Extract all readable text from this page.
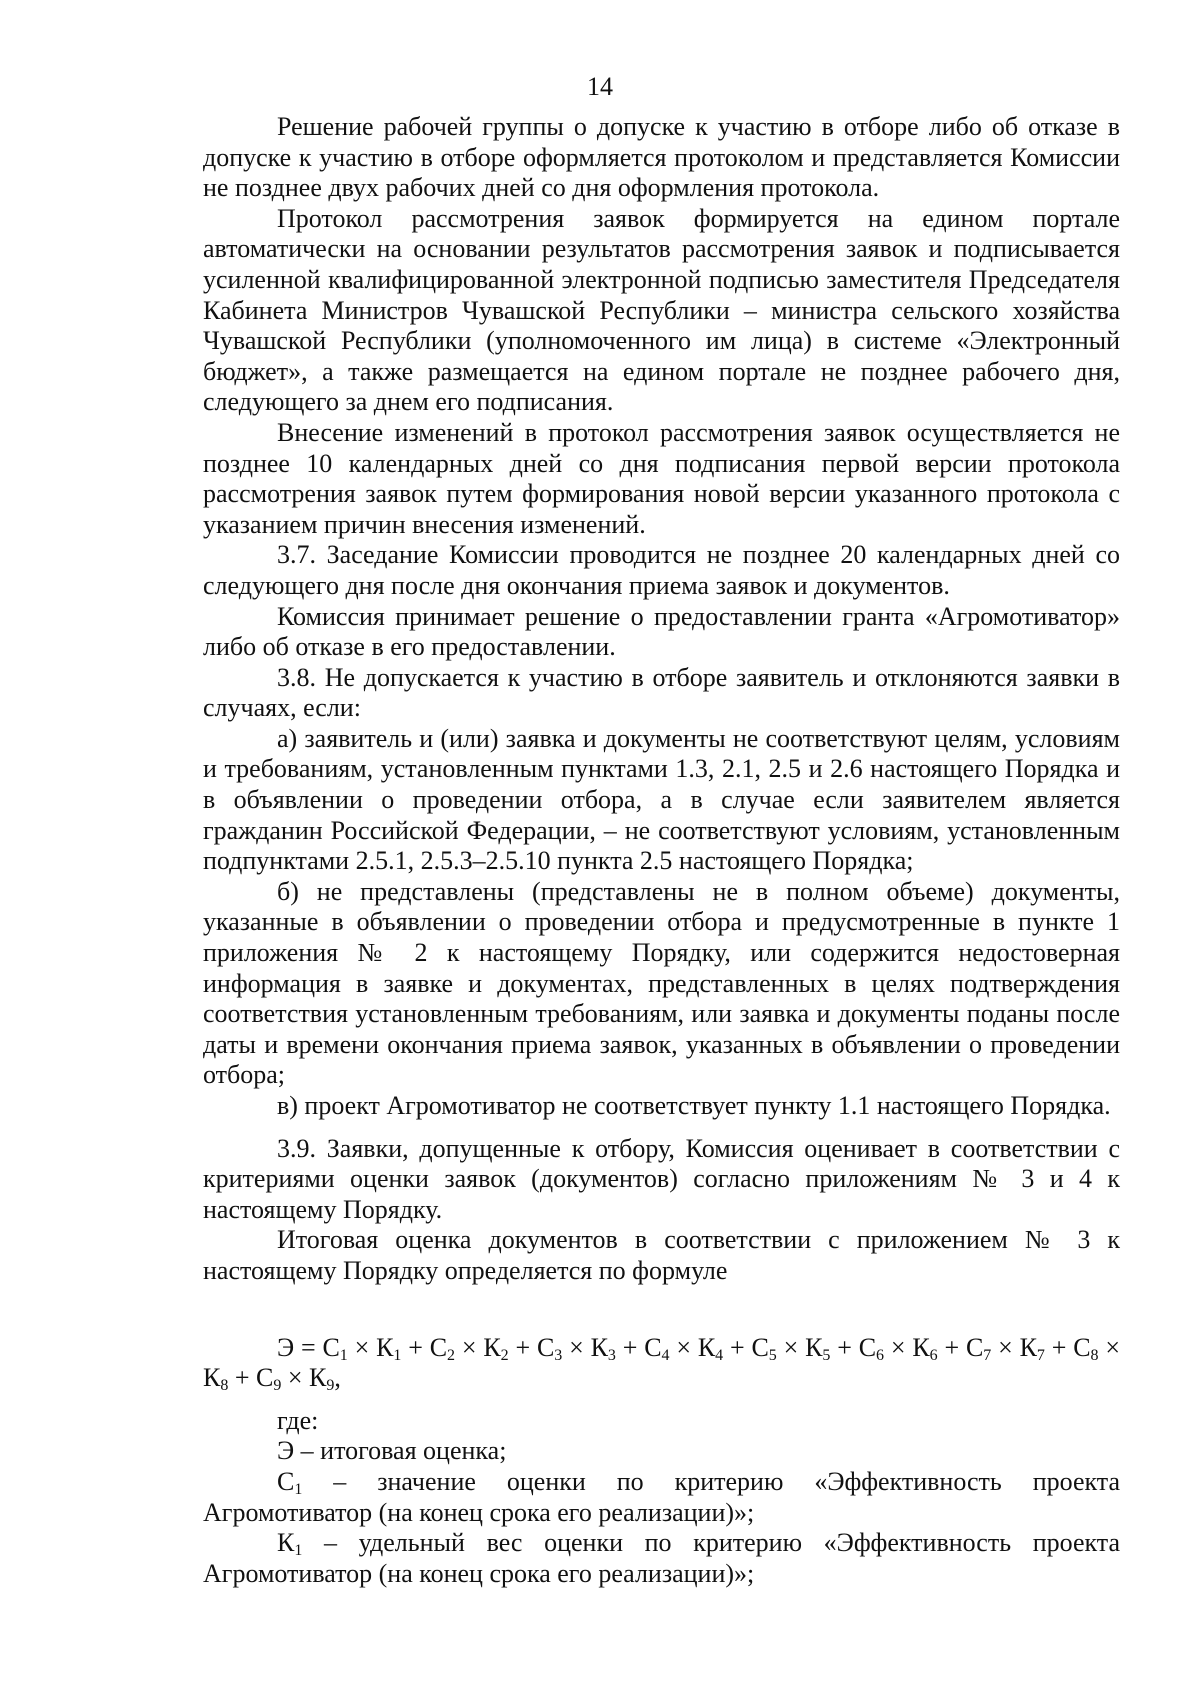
14

Решение рабочей группы о допуске к участию в отборе либо об отказе в допуске к участию в отборе оформляется протоколом и представляется Комиссии не позднее двух рабочих дней со дня оформления протокола.

Протокол рассмотрения заявок формируется на едином портале автоматически на основании результатов рассмотрения заявок и подписывается усиленной квалифицированной электронной подписью заместителя Председателя Кабинета Министров Чувашской Республики – министра сельского хозяйства Чувашской Республики (уполномоченного им лица) в системе «Электронный бюджет», а также размещается на едином портале не позднее рабочего дня, следующего за днем его подписания.

Внесение изменений в протокол рассмотрения заявок осуществляется не позднее 10 календарных дней со дня подписания первой версии протокола рассмотрения заявок путем формирования новой версии указанного протокола с указанием причин внесения изменений.

3.7. Заседание Комиссии проводится не позднее 20 календарных дней со следующего дня после дня окончания приема заявок и документов.

Комиссия принимает решение о предоставлении гранта «Агромотиватор» либо об отказе в его предоставлении.

3.8. Не допускается к участию в отборе заявитель и отклоняются заявки в случаях, если:

а) заявитель и (или) заявка и документы не соответствуют целям, условиям и требованиям, установленным пунктами 1.3, 2.1, 2.5 и 2.6 настоящего Порядка и в объявлении о проведении отбора, а в случае если заявителем является гражданин Российской Федерации, – не соответствуют условиям, установленным подпунктами 2.5.1, 2.5.3–2.5.10 пункта 2.5 настоящего Порядка;

б) не представлены (представлены не в полном объеме) документы, указанные в объявлении о проведении отбора и предусмотренные в пункте 1 приложения № 2 к настоящему Порядку, или содержится недостоверная информация в заявке и документах, представленных в целях подтверждения соответствия установленным требованиям, или заявка и документы поданы после даты и времени окончания приема заявок, указанных в объявлении о проведении отбора;

в) проект Агромотиватор не соответствует пункту 1.1 настоящего Порядка.

3.9. Заявки, допущенные к отбору, Комиссия оценивает в соответствии с критериями оценки заявок (документов) согласно приложениям № 3 и 4 к настоящему Порядку.

Итоговая оценка документов в соответствии с приложением № 3 к настоящему Порядку определяется по формуле

$Э = С_1 \times К_1 + С_2 \times К_2 + С_3 \times К_3 + С_4 \times К_4 + С_5 \times К_5 + С_6 \times К_6 + С_7 \times К_7 + С_8 \times К_8 + С_9 \times К_9$,

где:

Э – итоговая оценка;

$С_1$ – значение оценки по критерию «Эффективность проекта Агромотиватор (на конец срока его реализации)»;

$К_1$ – удельный вес оценки по критерию «Эффективность проекта Агромотиватор (на конец срока его реализации)»;
